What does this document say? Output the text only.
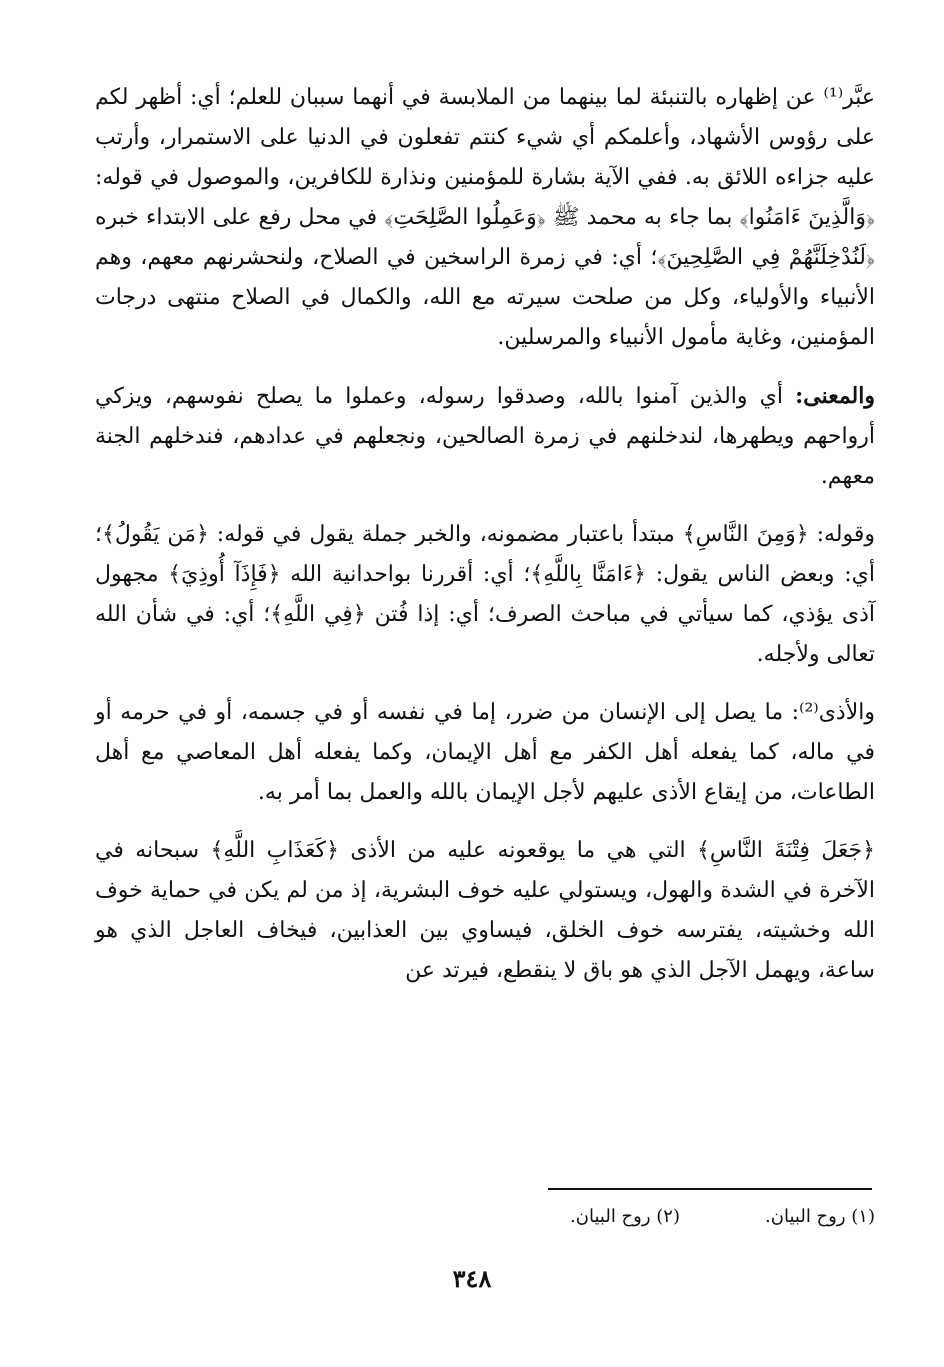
عبَّر⁽¹⁾ عن إظهاره بالتنبئة لما بينهما من الملابسة في أنهما سببان للعلم؛ أي: أظهر لكم على رؤوس الأشهاد، وأعلمكم أي شيء كنتم تفعلون في الدنيا على الاستمرار، وأرتب عليه جزاءه اللائق به. ففي الآية بشارة للمؤمنين ونذارة للكافرين، والموصول في قوله: ﴿وَالَّذِينَ ءَامَنُوا﴾ بما جاء به محمد ﷺ ﴿وَعَمِلُوا الصَّلِحَتِ﴾ في محل رفع على الابتداء خبره ﴿لَنُدْخِلَنَّهُمْ فِي الصَّلِحِينَ﴾؛ أي: في زمرة الراسخين في الصلاح، ولنحشرنهم معهم، وهم الأنبياء والأولياء، وكل من صلحت سيرته مع الله، والكمال في الصلاح منتهى درجات المؤمنين، وغاية مأمول الأنبياء والمرسلين.

والمعنى: أي والذين آمنوا بالله، وصدقوا رسوله، وعملوا ما يصلح نفوسهم، ويزكي أرواحهم ويطهرها، لندخلنهم في زمرة الصالحين، ونجعلهم في عدادهم، فندخلهم الجنة معهم.

وقوله: ﴿وَمِنَ النَّاسِ﴾ مبتدأ باعتبار مضمونه، والخبر جملة يقول في قوله: ﴿مَن يَقُولُ﴾؛ أي: وبعض الناس يقول: ﴿ءَامَنَّا بِاللَّهِ﴾؛ أي: أقررنا بواحدانية الله ﴿فَإِذَآ أُوذِيَ﴾ مجهول آذى يؤذي، كما سيأتي في مباحث الصرف؛ أي: إذا فُتن ﴿فِي اللَّهِ﴾؛ أي: في شأن الله تعالى ولأجله.

والأذى⁽²⁾: ما يصل إلى الإنسان من ضرر، إما في نفسه أو في جسمه، أو في حرمه أو في ماله، كما يفعله أهل الكفر مع أهل الإيمان، وكما يفعله أهل المعاصي مع أهل الطاعات، من إيقاع الأذى عليهم لأجل الإيمان بالله والعمل بما أمر به.

﴿جَعَلَ فِتْنَةَ النَّاسِ﴾ التي هي ما يوقعونه عليه من الأذى ﴿كَعَذَابِ اللَّهِ﴾ سبحانه في الآخرة في الشدة والهول، ويستولي عليه خوف البشرية، إذ من لم يكن في حماية خوف الله وخشيته، يفترسه خوف الخلق، فيساوي بين العذابين، فيخاف العاجل الذي هو ساعة، ويهمل الآجل الذي هو باق لا ينقطع، فيرتد عن

(١) روح البيان.
(٢) روح البيان.
٣٤٨
